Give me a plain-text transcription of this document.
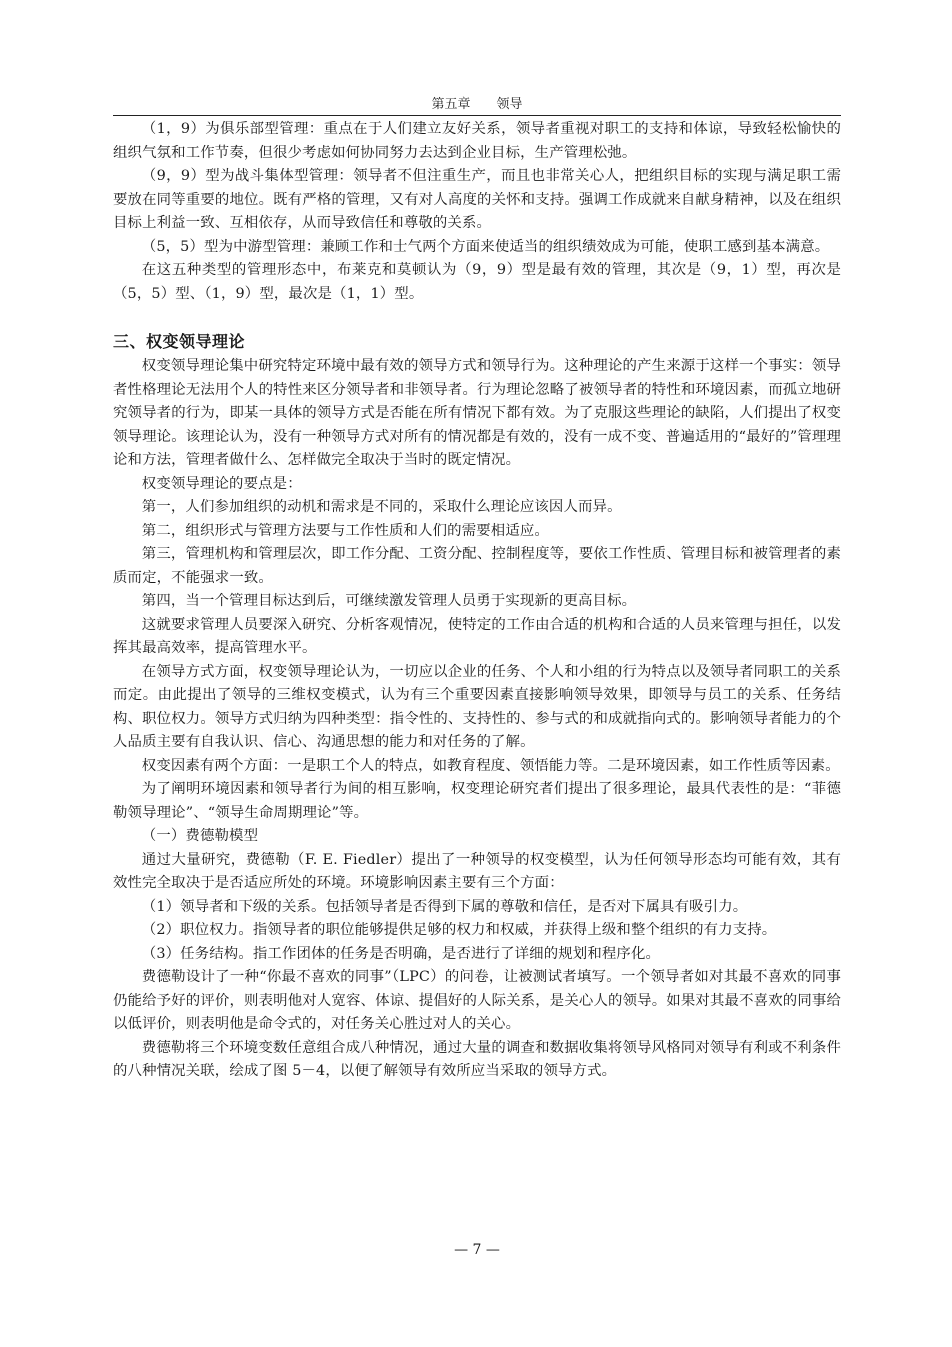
第五章　　领导

（1，9）为俱乐部型管理：重点在于人们建立友好关系，领导者重视对职工的支持和体谅，导致轻松愉快的组织气氛和工作节奏，但很少考虑如何协同努力去达到企业目标，生产管理松弛。

（9，9）型为战斗集体型管理：领导者不但注重生产，而且也非常关心人，把组织目标的实现与满足职工需要放在同等重要的地位。既有严格的管理，又有对人高度的关怀和支持。强调工作成就来自献身精神，以及在组织目标上利益一致、互相依存，从而导致信任和尊敬的关系。

（5，5）型为中游型管理：兼顾工作和士气两个方面来使适当的组织绩效成为可能，使职工感到基本满意。

在这五种类型的管理形态中，布莱克和莫顿认为（9，9）型是最有效的管理，其次是（9，1）型，再次是（5，5）型、（1，9）型，最次是（1，1）型。

三、权变领导理论

权变领导理论集中研究特定环境中最有效的领导方式和领导行为。这种理论的产生来源于这样一个事实：领导者性格理论无法用个人的特性来区分领导者和非领导者。行为理论忽略了被领导者的特性和环境因素，而孤立地研究领导者的行为，即某一具体的领导方式是否能在所有情况下都有效。为了克服这些理论的缺陷，人们提出了权变领导理论。该理论认为，没有一种领导方式对所有的情况都是有效的，没有一成不变、普遍适用的“最好的”管理理论和方法，管理者做什么、怎样做完全取决于当时的既定情况。

权变领导理论的要点是：

第一，人们参加组织的动机和需求是不同的，采取什么理论应该因人而异。

第二，组织形式与管理方法要与工作性质和人们的需要相适应。

第三，管理机构和管理层次，即工作分配、工资分配、控制程度等，要依工作性质、管理目标和被管理者的素质而定，不能强求一致。

第四，当一个管理目标达到后，可继续激发管理人员勇于实现新的更高目标。

这就要求管理人员要深入研究、分析客观情况，使特定的工作由合适的机构和合适的人员来管理与担任，以发挥其最高效率，提高管理水平。

在领导方式方面，权变领导理论认为，一切应以企业的任务、个人和小组的行为特点以及领导者同职工的关系而定。由此提出了领导的三维权变模式，认为有三个重要因素直接影响领导效果，即领导与员工的关系、任务结构、职位权力。领导方式归纳为四种类型：指令性的、支持性的、参与式的和成就指向式的。影响领导者能力的个人品质主要有自我认识、信心、沟通思想的能力和对任务的了解。

权变因素有两个方面：一是职工个人的特点，如教育程度、领悟能力等。二是环境因素，如工作性质等因素。

为了阐明环境因素和领导者行为间的相互影响，权变理论研究者们提出了很多理论，最具代表性的是：“菲德勒领导理论”、“领导生命周期理论”等。

（一）费德勒模型

通过大量研究，费德勒（F. E. Fiedler）提出了一种领导的权变模型，认为任何领导形态均可能有效，其有效性完全取决于是否适应所处的环境。环境影响因素主要有三个方面：

（1）领导者和下级的关系。包括领导者是否得到下属的尊敬和信任，是否对下属具有吸引力。

（2）职位权力。指领导者的职位能够提供足够的权力和权威，并获得上级和整个组织的有力支持。

（3）任务结构。指工作团体的任务是否明确，是否进行了详细的规划和程序化。

费德勒设计了一种“你最不喜欢的同事”（LPC）的问卷，让被测试者填写。一个领导者如对其最不喜欢的同事仍能给予好的评价，则表明他对人宽容、体谅、提倡好的人际关系，是关心人的领导。如果对其最不喜欢的同事给以低评价，则表明他是命令式的，对任务关心胜过对人的关心。

费德勒将三个环境变数任意组合成八种情况，通过大量的调查和数据收集将领导风格同对领导有利或不利条件的八种情况关联，绘成了图 5－4，以便了解领导有效所应当采取的领导方式。

— 7 —
